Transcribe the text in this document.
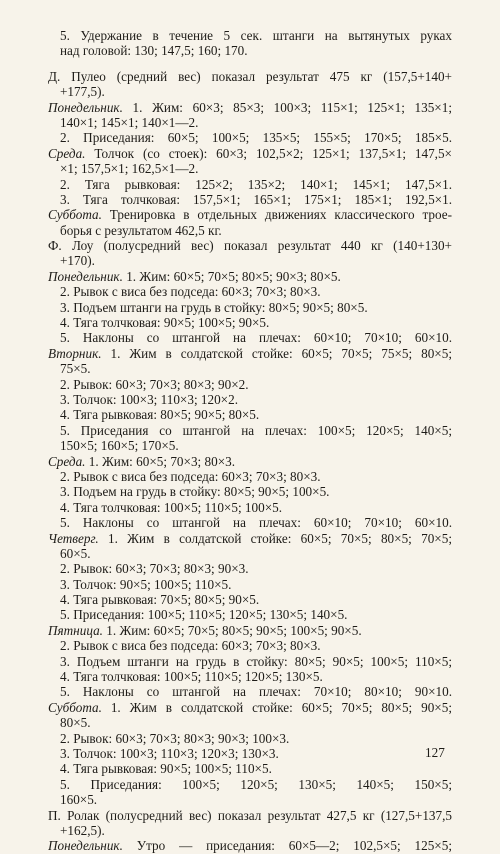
5. Удержание в течение 5 сек. штанги на вытянутых руках
над головой: 130; 147,5; 160; 170.
Д. Пулео (средний вес) показал результат 475 кг (157,5+140+
+177,5).
Понедельник. 1. Жим: 60×3; 85×3; 100×3; 115×1; 125×1; 135×1;
140×1; 145×1; 140×1—2.
2. Приседания: 60×5; 100×5; 135×5; 155×5; 170×5; 185×5.
Среда. Толчок (со стоек): 60×3; 102,5×2; 125×1; 137,5×1; 147,5×
×1; 157,5×1; 162,5×1—2.
2. Тяга рывковая: 125×2; 135×2; 140×1; 145×1; 147,5×1.
3. Тяга толчковая: 157,5×1; 165×1; 175×1; 185×1; 192,5×1.
Суббота. Тренировка в отдельных движениях классического трое-
борья с результатом 462,5 кг.
Ф. Лоу (полусредний вес) показал результат 440 кг (140+130+
+170).
Понедельник. 1. Жим: 60×5; 70×5; 80×5; 90×3; 80×5.
2. Рывок с виса без подседа: 60×3; 70×3; 80×3.
3. Подъем штанги на грудь в стойку: 80×5; 90×5; 80×5.
4. Тяга толчковая: 90×5; 100×5; 90×5.
5. Наклоны со штангой на плечах: 60×10; 70×10; 60×10.
Вторник. 1. Жим в солдатской стойке: 60×5; 70×5; 75×5; 80×5;
75×5.
2. Рывок: 60×3; 70×3; 80×3; 90×2.
3. Толчок: 100×3; 110×3; 120×2.
4. Тяга рывковая: 80×5; 90×5; 80×5.
5. Приседания со штангой на плечах: 100×5; 120×5; 140×5;
150×5; 160×5; 170×5.
Среда. 1. Жим: 60×5; 70×3; 80×3.
2. Рывок с виса без подседа: 60×3; 70×3; 80×3.
3. Подъем на грудь в стойку: 80×5; 90×5; 100×5.
4. Тяга толчковая: 100×5; 110×5; 100×5.
5. Наклоны со штангой на плечах: 60×10; 70×10; 60×10.
Четверг. 1. Жим в солдатской стойке: 60×5; 70×5; 80×5; 70×5;
60×5.
2. Рывок: 60×3; 70×3; 80×3; 90×3.
3. Толчок: 90×5; 100×5; 110×5.
4. Тяга рывковая: 70×5; 80×5; 90×5.
5. Приседания: 100×5; 110×5; 120×5; 130×5; 140×5.
Пятница. 1. Жим: 60×5; 70×5; 80×5; 90×5; 100×5; 90×5.
2. Рывок с виса без подседа: 60×3; 70×3; 80×3.
3. Подъем штанги на грудь в стойку: 80×5; 90×5; 100×5; 110×5;
4. Тяга толчковая: 100×5; 110×5; 120×5; 130×5.
5. Наклоны со штангой на плечах: 70×10; 80×10; 90×10.
Суббота. 1. Жим в солдатской стойке: 60×5; 70×5; 80×5; 90×5;
80×5.
2. Рывок: 60×3; 70×3; 80×3; 90×3; 100×3.
3. Толчок: 100×3; 110×3; 120×3; 130×3.
4. Тяга рывковая: 90×5; 100×5; 110×5.
5. Приседания: 100×5; 120×5; 130×5; 140×5; 150×5;
160×5.
П. Ролак (полусредний вес) показал результат 427,5 кг (127,5+137,5
+162,5).
Понедельник. Утро — приседания: 60×5—2; 102,5×5; 125×5;
127
